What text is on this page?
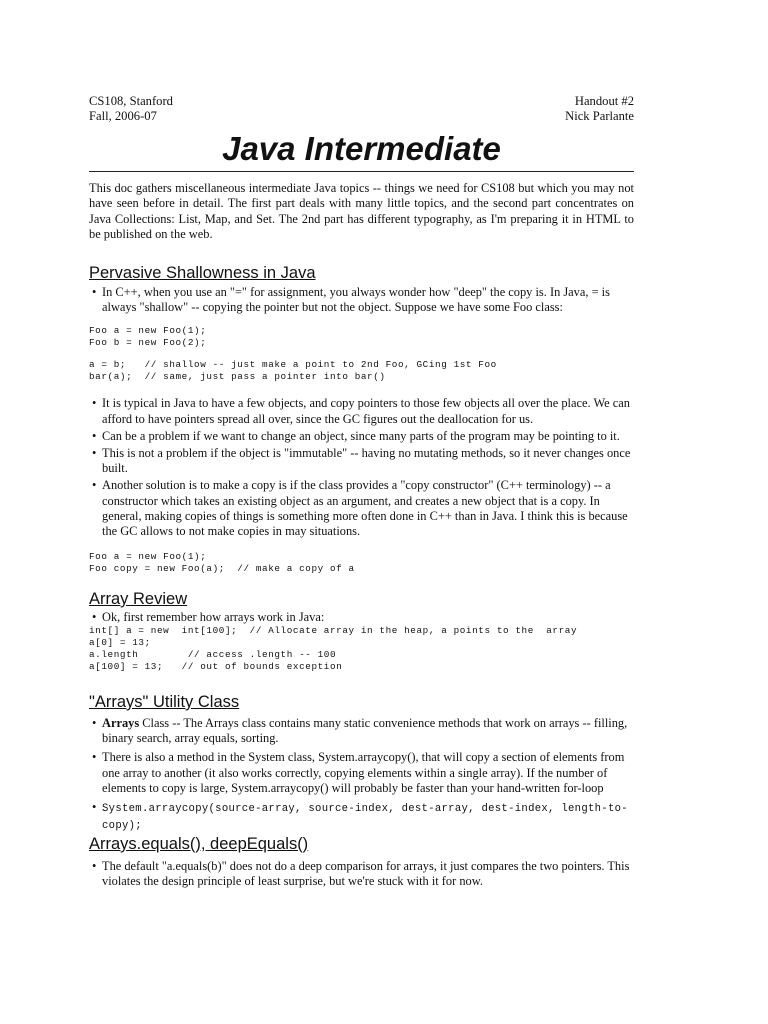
CS108, Stanford
Fall, 2006-07
Handout #2
Nick Parlante
Java Intermediate

This doc gathers miscellaneous intermediate Java topics -- things we need for CS108 but which you may not have seen before in detail. The first part deals with many little topics, and the second part concentrates on Java Collections: List, Map, and Set. The 2nd part has different typography, as I'm preparing it in HTML to be published on the web.

Pervasive Shallowness in Java
• In C++, when you use an "=" for assignment, you always wonder how "deep" the copy is. In Java, = is always "shallow" -- copying the pointer but not the object. Suppose we have some Foo class:
Foo a = new Foo(1);
Foo b = new Foo(2);
a = b;   // shallow -- just make a point to 2nd Foo, GCing 1st Foo
bar(a);  // same, just pass a pointer into bar()
• It is typical in Java to have a few objects, and copy pointers to those few objects all over the place. We can afford to have pointers spread all over, since the GC figures out the deallocation for us.
• Can be a problem if we want to change an object, since many parts of the program may be pointing to it.
• This is not a problem if the object is "immutable" -- having no mutating methods, so it never changes once built.
• Another solution is to make a copy is if the class provides a "copy constructor" (C++ terminology) -- a constructor which takes an existing object as an argument, and creates a new object that is a copy. In general, making copies of things is something more often done in C++ than in Java. I think this is because the GC allows to not make copies in may situations.
Foo a = new Foo(1);
Foo copy = new Foo(a);  // make a copy of a
Array Review
• Ok, first remember how arrays work in Java:
int[] a = new  int[100];  // Allocate array in the heap, a points to the  array
a[0] = 13;
a.length        // access .length -- 100
a[100] = 13;   // out of bounds exception
"Arrays" Utility Class
• Arrays Class -- The Arrays class contains many static convenience methods that work on arrays -- filling, binary search, array equals, sorting.
• There is also a method in the System class, System.arraycopy(), that will copy a section of elements from one array to another (it also works correctly, copying elements within a single array). If the number of elements to copy is large, System.arraycopy() will probably be faster than your hand-written for-loop
• System.arraycopy(source-array, source-index, dest-array, dest-index, length-to-copy);
Arrays.equals(), deepEquals()
• The default "a.equals(b)" does not do a deep comparison for arrays, it just compares the two pointers. This violates the design principle of least surprise, but we're stuck with it for now.
